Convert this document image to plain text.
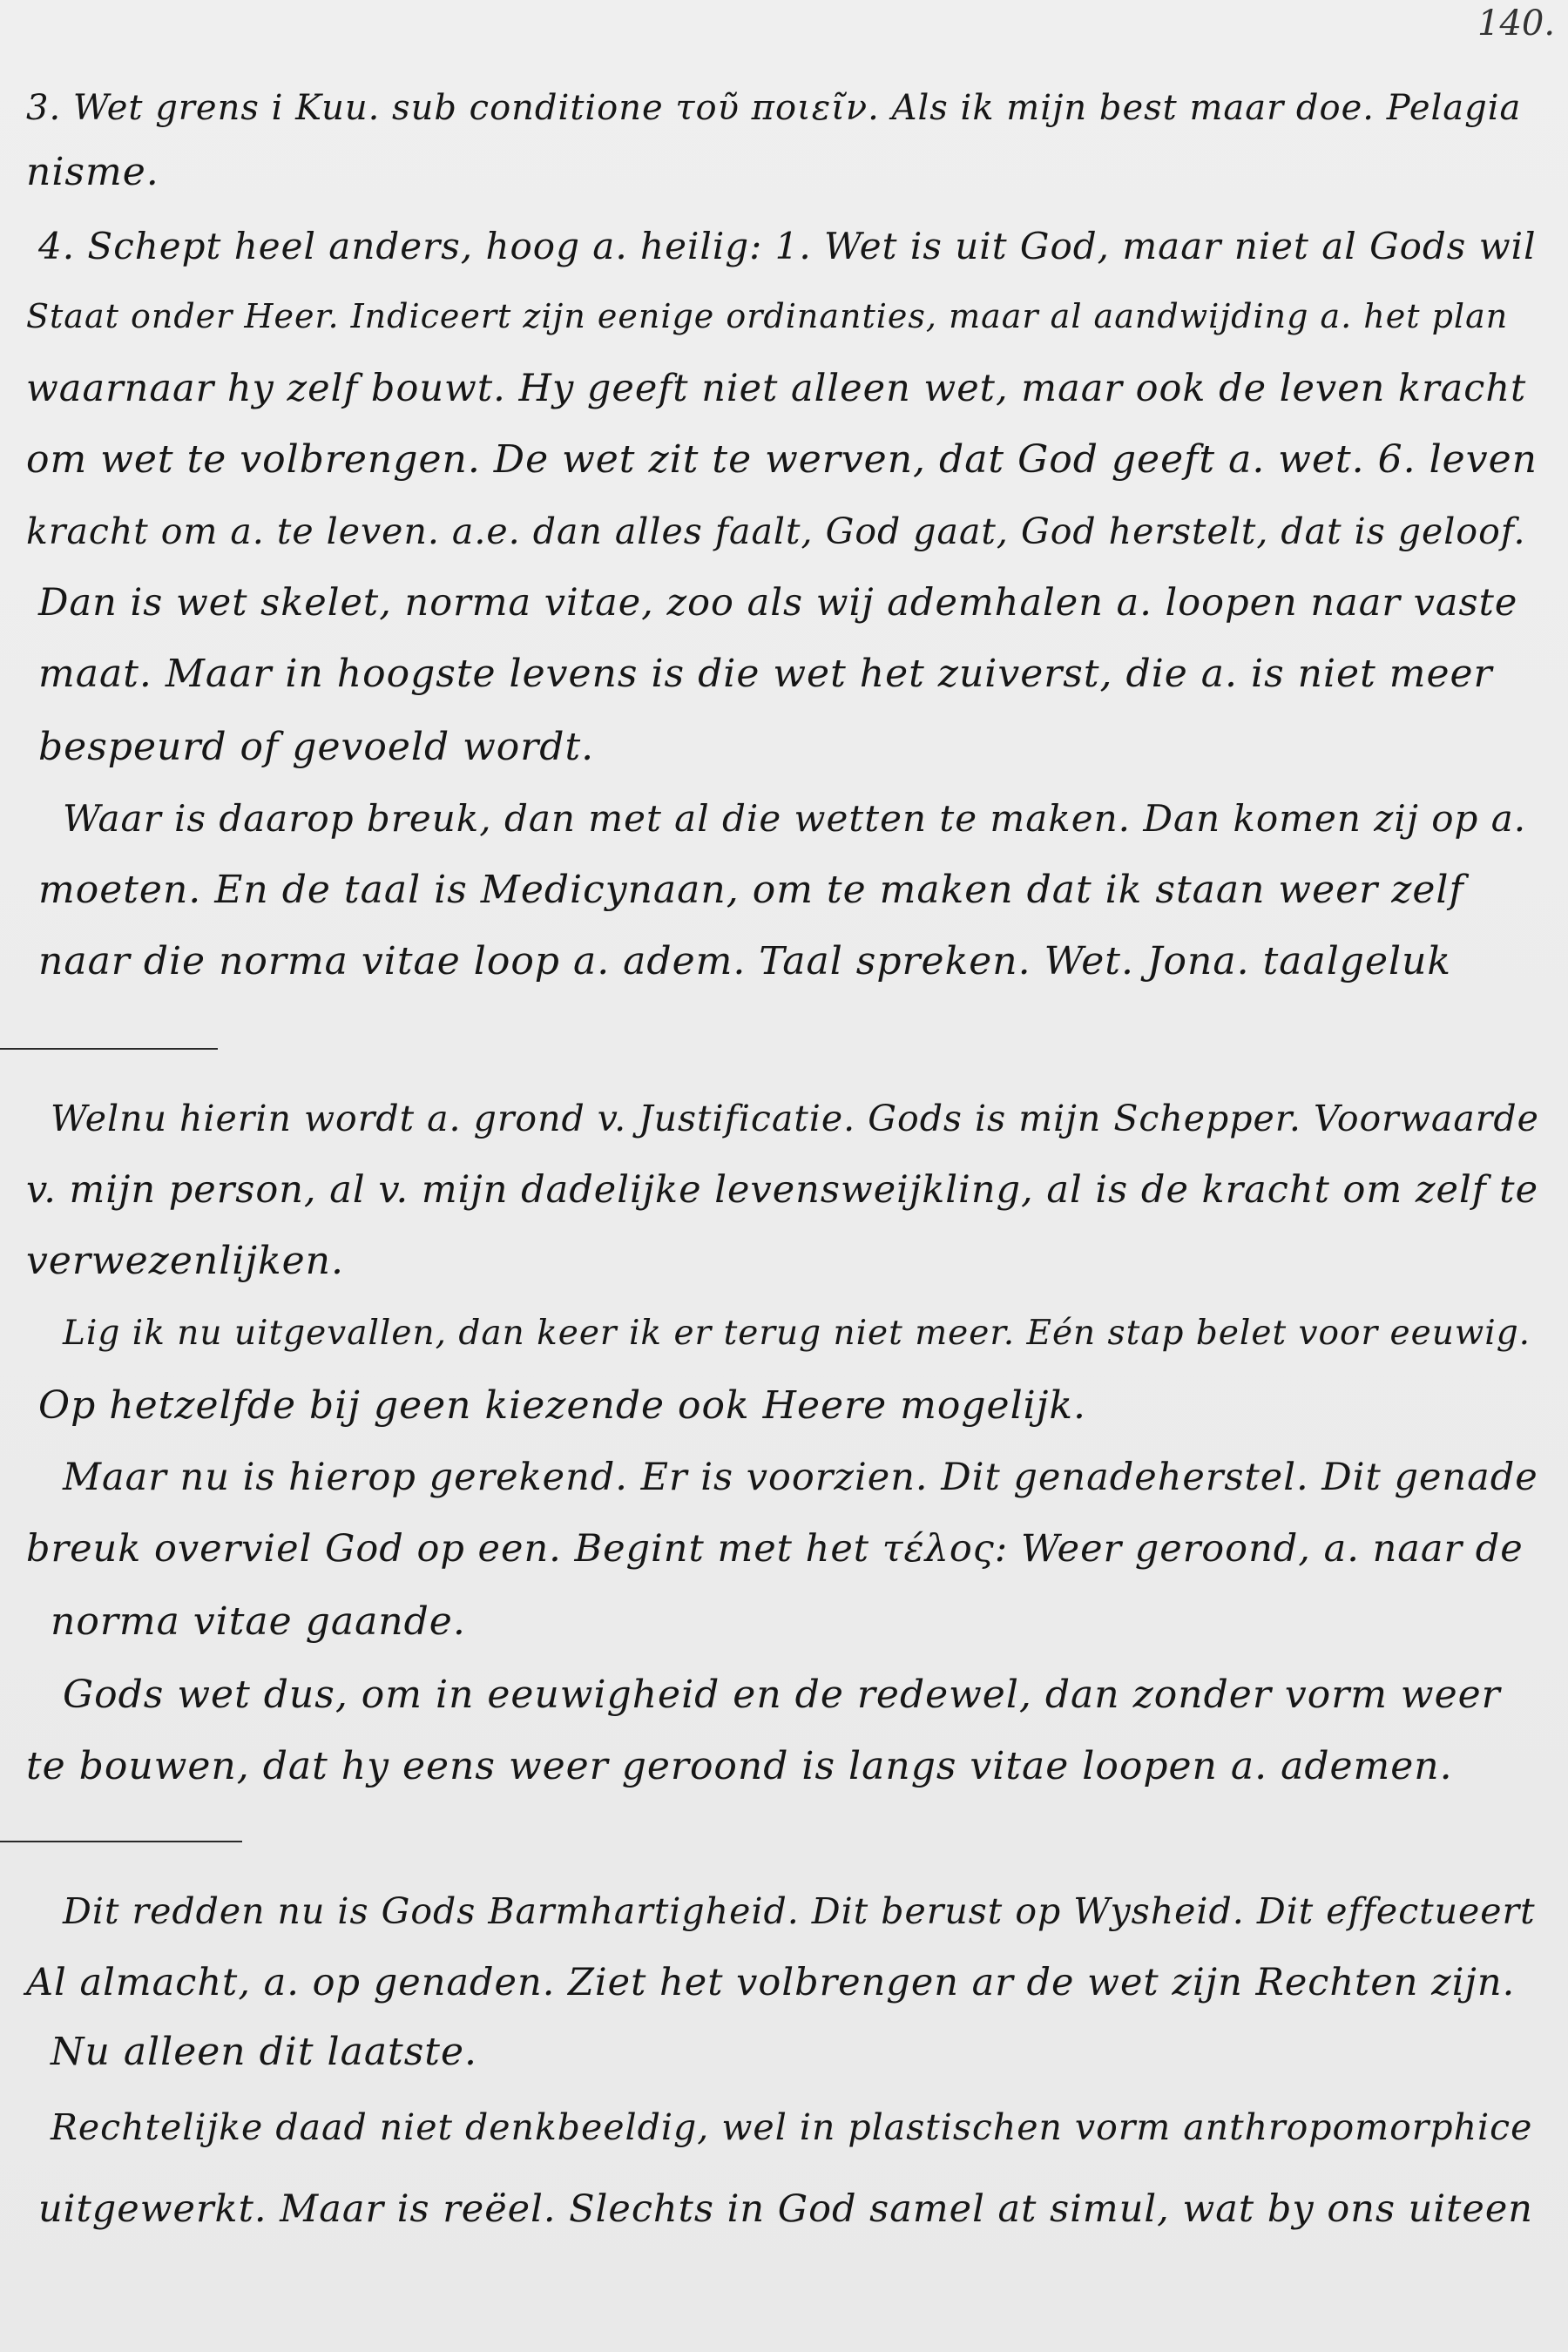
140.
3. Wet grens i Kuu. sub conditione τοῦ ποιεῖν. Als ik mijn best maar doe. Pelagia
nisme.
4. Schept heel anders, hoog a. heilig: 1. Wet is uit God, maar niet al Gods wil
Staat onder Heer. Indiceert zijn eenige ordinanties, maar al aandwijding a. het plan
waarnaar hy zelf bouwt. Hy geeft niet alleen wet, maar ook de leven kracht
om wet te volbrengen. De wet zit te werven, dat God geeft a. wet. 6. leven
kracht om a. te leven. a.e. dan alles faalt, God gaat, God herstelt, dat is geloof.
Dan is wet skelet, norma vitae, zoo als wij ademhalen a. loopen naar vaste
maat. Maar in hoogste levens is die wet het zuiverst, die a. is niet meer
bespeurd of gevoeld wordt.
Waar is daarop breuk, dan met al die wetten te maken. Dan komen zij op a.
moeten. En de taal is Medicynaan, om te maken dat ik staan weer zelf
naar die norma vitae loop a. adem. Taal spreken. Wet. Jona. taalgeluk
Welnu hierin wordt a. grond v. Justificatie. Gods is mijn Schepper. Voorwaarde
v. mijn person, al v. mijn dadelijke levensweijkling, al is de kracht om zelf te
verwezenlijken.
Lig ik nu uitgevallen, dan keer ik er terug niet meer. Eén stap belet voor eeuwig.
Op hetzelfde bij geen kiezende ook Heere mogelijk.
Maar nu is hierop gerekend. Er is voorzien. Dit genadeherstel. Dit genade
breuk overviel God op een. Begint met het τέλος: Weer geroond, a. naar de
norma vitae gaande.
Gods wet dus, om in eeuwigheid en de redewel, dan zonder vorm weer
te bouwen, dat hy eens weer geroond is langs vitae loopen a. ademen.
Dit redden nu is Gods Barmhartigheid. Dit berust op Wysheid. Dit effectueert
Al almacht, a. op genaden. Ziet het volbrengen ar de wet zijn Rechten zijn.
Nu alleen dit laatste.
Rechtelijke daad niet denkbeeldig, wel in plastischen vorm anthropomorphice
uitgewerkt. Maar is reëel. Slechts in God samel at simul, wat by ons uiteen
